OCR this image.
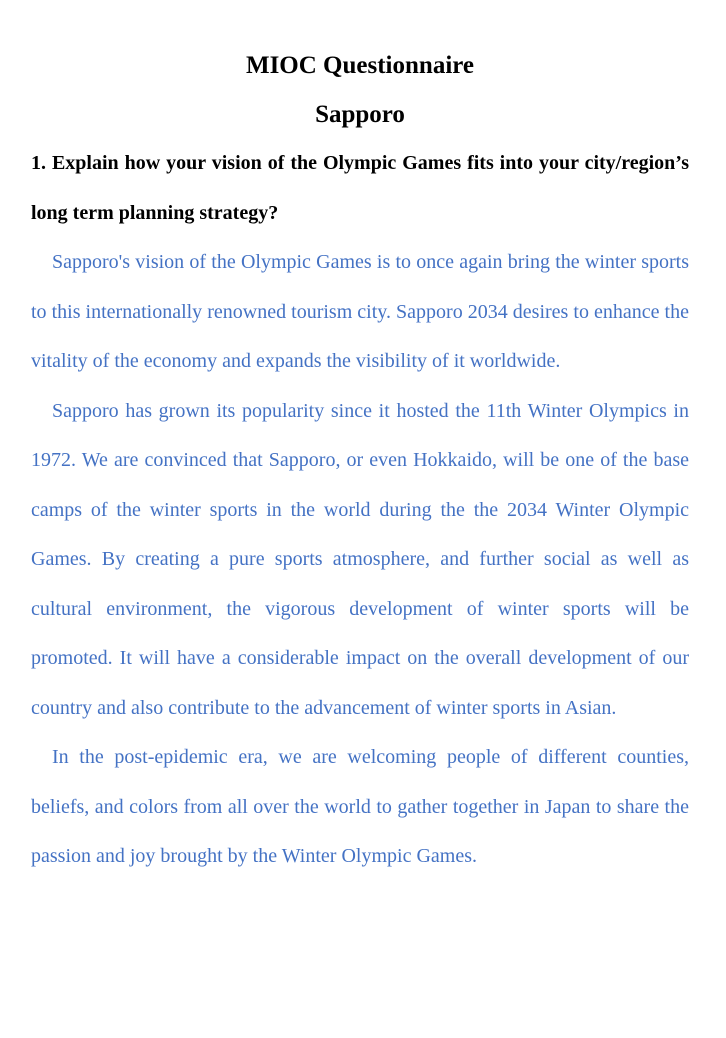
MIOC Questionnaire
Sapporo

1. Explain how your vision of the Olympic Games fits into your city/region’s long term planning strategy?

Sapporo's vision of the Olympic Games is to once again bring the winter sports to this internationally renowned tourism city. Sapporo 2034 desires to enhance the vitality of the economy and expands the visibility of it worldwide.

Sapporo has grown its popularity since it hosted the 11th Winter Olympics in 1972. We are convinced that Sapporo, or even Hokkaido, will be one of the base camps of the winter sports in the world during the the 2034 Winter Olympic Games. By creating a pure sports atmosphere, and further social as well as cultural environment, the vigorous development of winter sports will be promoted. It will have a considerable impact on the overall development of our country and also contribute to the advancement of winter sports in Asian.

In the post-epidemic era, we are welcoming people of different counties, beliefs, and colors from all over the world to gather together in Japan to share the passion and joy brought by the Winter Olympic Games.
